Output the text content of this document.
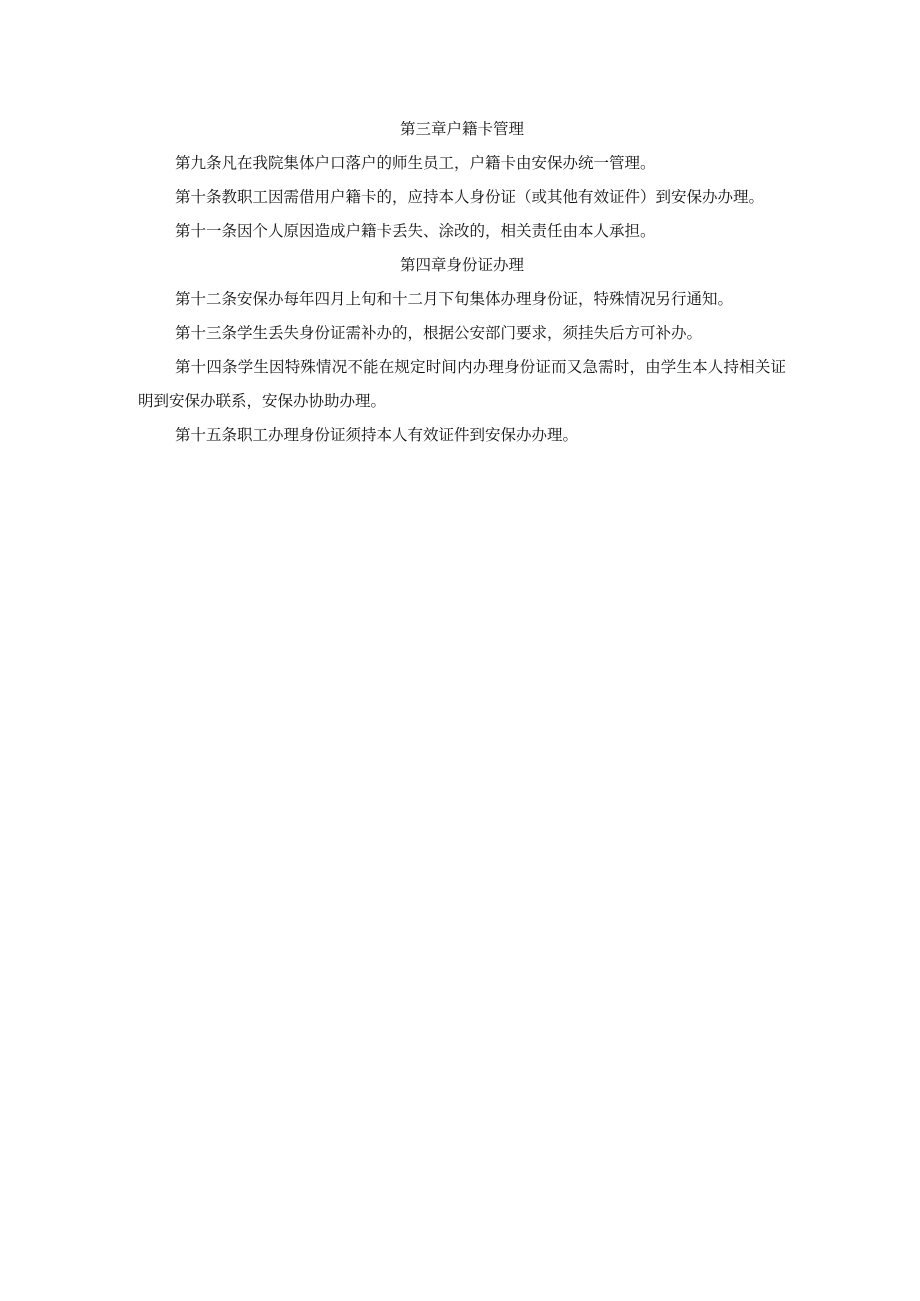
第三章户籍卡管理

第九条凡在我院集体户口落户的师生员工，户籍卡由安保办统一管理。

第十条教职工因需借用户籍卡的，应持本人身份证（或其他有效证件）到安保办办理。

第十一条因个人原因造成户籍卡丢失、涂改的，相关责任由本人承担。

第四章身份证办理

第十二条安保办每年四月上旬和十二月下旬集体办理身份证，特殊情况另行通知。

第十三条学生丢失身份证需补办的，根据公安部门要求，须挂失后方可补办。

第十四条学生因特殊情况不能在规定时间内办理身份证而又急需时，由学生本人持相关证明到安保办联系，安保办协助办理。

第十五条职工办理身份证须持本人有效证件到安保办办理。
